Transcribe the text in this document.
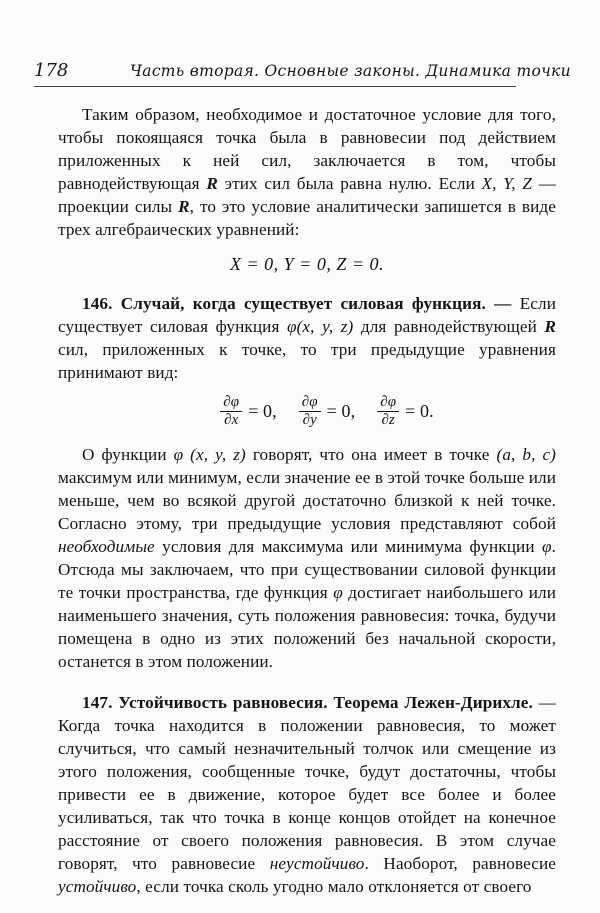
178	Часть вторая. Основные законы. Динамика точки

Таким образом, необходимое и достаточное условие для того, чтобы покоящаяся точка была в равновесии под действием приложенных к ней сил, заключается в том, чтобы равнодействующая R этих сил была равна нулю. Если X, Y, Z — проекции силы R, то это условие аналитически запишется в виде трех алгебраических уравнений:

X = 0, Y = 0, Z = 0.

146. Случай, когда существует силовая функция. — Если существует силовая функция φ(x, y, z) для равнодействующей R сил, приложенных к точке, то три предыдущие уравнения принимают вид:

$\frac{\partial\varphi}{\partial x} = 0$, $\frac{\partial\varphi}{\partial y} = 0$, $\frac{\partial\varphi}{\partial z} = 0$.

О функции φ (x, y, z) говорят, что она имеет в точке (a, b, c) максимум или минимум, если значение ее в этой точке больше или меньше, чем во всякой другой достаточно близкой к ней точке. Согласно этому, три предыдущие условия представляют собой необходимые условия для максимума или минимума функции φ. Отсюда мы заключаем, что при существовании силовой функции те точки пространства, где функция φ достигает наибольшего или наименьшего значения, суть положения равновесия: точка, будучи помещена в одно из этих положений без начальной скорости, останется в этом положении.

147. Устойчивость равновесия. Теорема Лежен-Дирихле. — Когда точка находится в положении равновесия, то может случиться, что самый незначительный толчок или смещение из этого положения, сообщенные точке, будут достаточны, чтобы привести ее в движение, которое будет все более и более усиливаться, так что точка в конце концов отойдет на конечное расстояние от своего положения равновесия. В этом случае говорят, что равновесие неустойчиво. Наоборот, равновесие устойчиво, если точка сколь угодно мало отклоняется от своего
